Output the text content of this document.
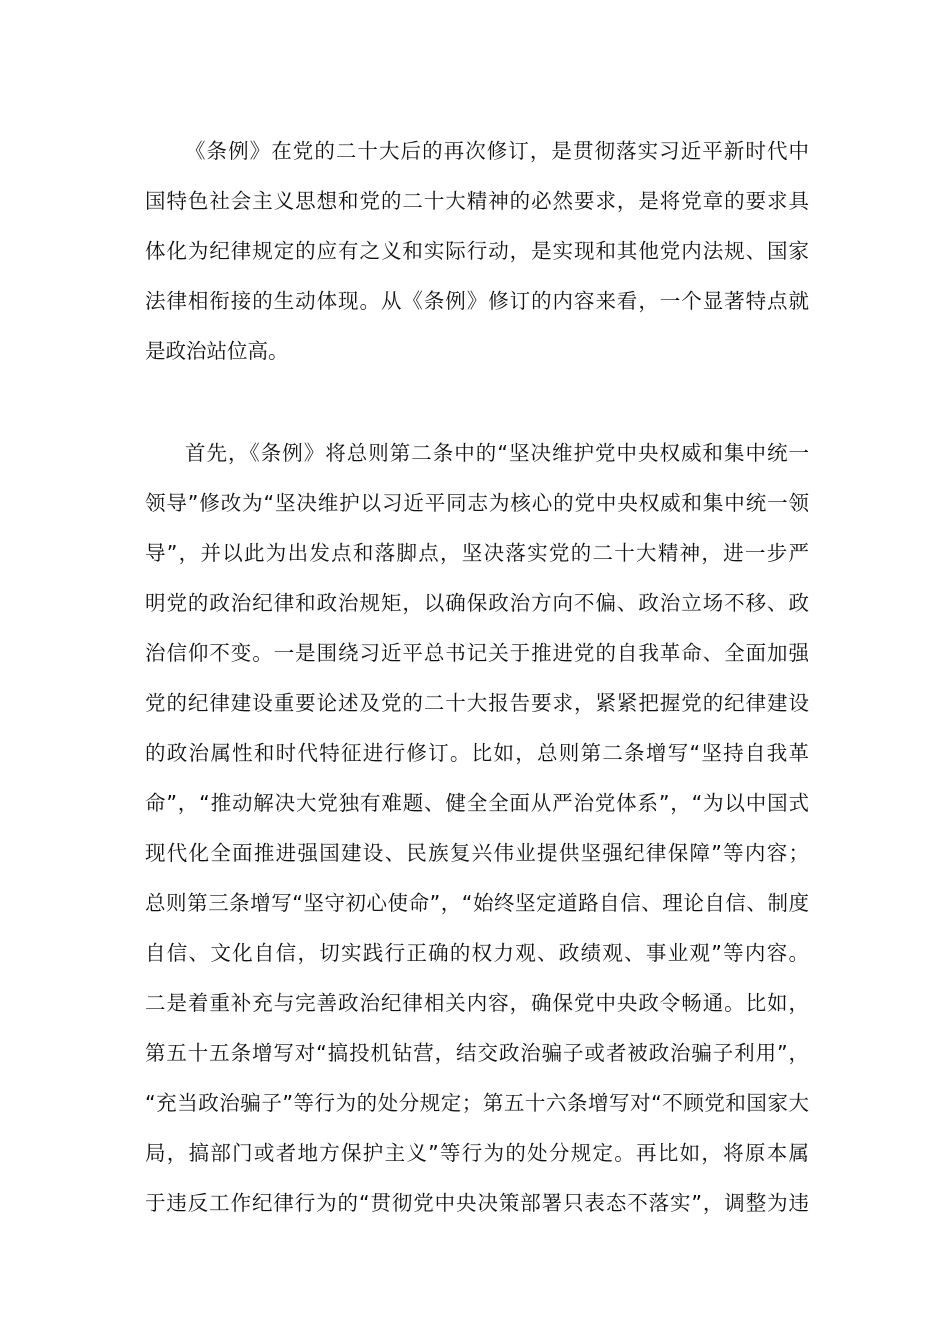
《条例》在党的二十大后的再次修订，是贯彻落实习近平新时代中
国特色社会主义思想和党的二十大精神的必然要求，是将党章的要求具
体化为纪律规定的应有之义和实际行动，是实现和其他党内法规、国家
法律相衔接的生动体现。从《条例》修订的内容来看，一个显著特点就
是政治站位高。
首先，《条例》将总则第二条中的“坚决维护党中央权威和集中统一
领导”修改为“坚决维护以习近平同志为核心的党中央权威和集中统一领
导”，并以此为出发点和落脚点，坚决落实党的二十大精神，进一步严
明党的政治纪律和政治规矩，以确保政治方向不偏、政治立场不移、政
治信仰不变。一是围绕习近平总书记关于推进党的自我革命、全面加强
党的纪律建设重要论述及党的二十大报告要求，紧紧把握党的纪律建设
的政治属性和时代特征进行修订。比如，总则第二条增写“坚持自我革
命”，“推动解决大党独有难题、健全全面从严治党体系”，“为以中国式
现代化全面推进强国建设、民族复兴伟业提供坚强纪律保障”等内容；
总则第三条增写“坚守初心使命”，“始终坚定道路自信、理论自信、制度
自信、文化自信，切实践行正确的权力观、政绩观、事业观”等内容。
二是着重补充与完善政治纪律相关内容，确保党中央政令畅通。比如，
第五十五条增写对“搞投机钻营，结交政治骗子或者被政治骗子利用”，
“充当政治骗子”等行为的处分规定；第五十六条增写对“不顾党和国家大
局，搞部门或者地方保护主义”等行为的处分规定。再比如，将原本属
于违反工作纪律行为的“贯彻党中央决策部署只表态不落实”，调整为违
